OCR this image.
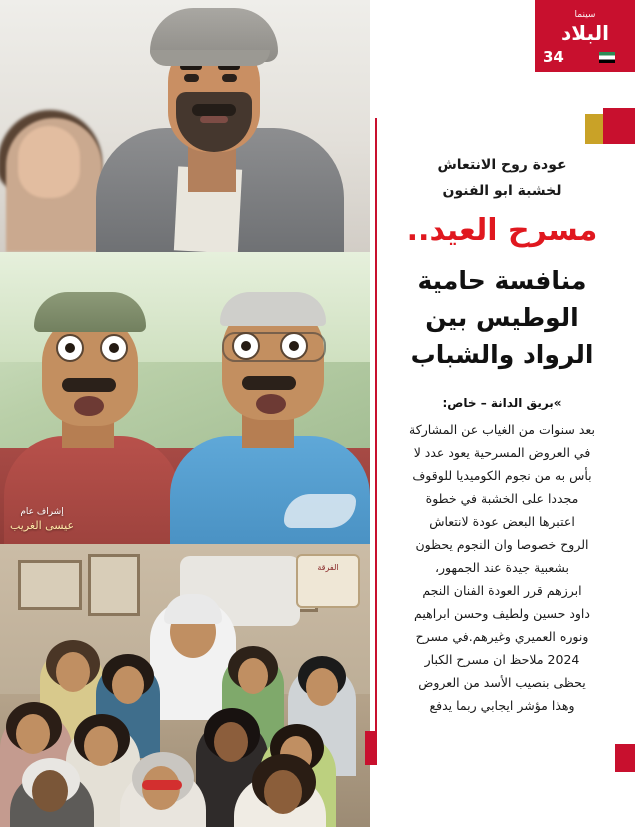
إشراف عام
عيسى الغريب
الفرقة
سينما
البلاد
34
عودة روح الانتعاش
لخشبة ابو الفنون
مسرح العيد..
منافسة حامية
الوطيس بين
الرواد والشباب
»بريق الدانة – خاص:
بعد سنوات من الغياب عن المشاركة
في العروض المسرحية يعود عدد لا
بأس به من نجوم الكوميديا للوقوف
مجددا على الخشبة في خطوة
اعتبرها البعض عودة لانتعاش
الروح خصوصا وان النجوم يحظون
بشعبية جيدة عند الجمهور،
ابرزهم قرر العودة الفنان النجم
داود حسين ولطيف وحسن ابراهيم
ونوره العميري وغيرهم.في مسرح
2024 ملاحظ ان مسرح الكبار
يحظى بنصيب الأسد من العروض
وهذا مؤشر ايجابي ربما يدفع
